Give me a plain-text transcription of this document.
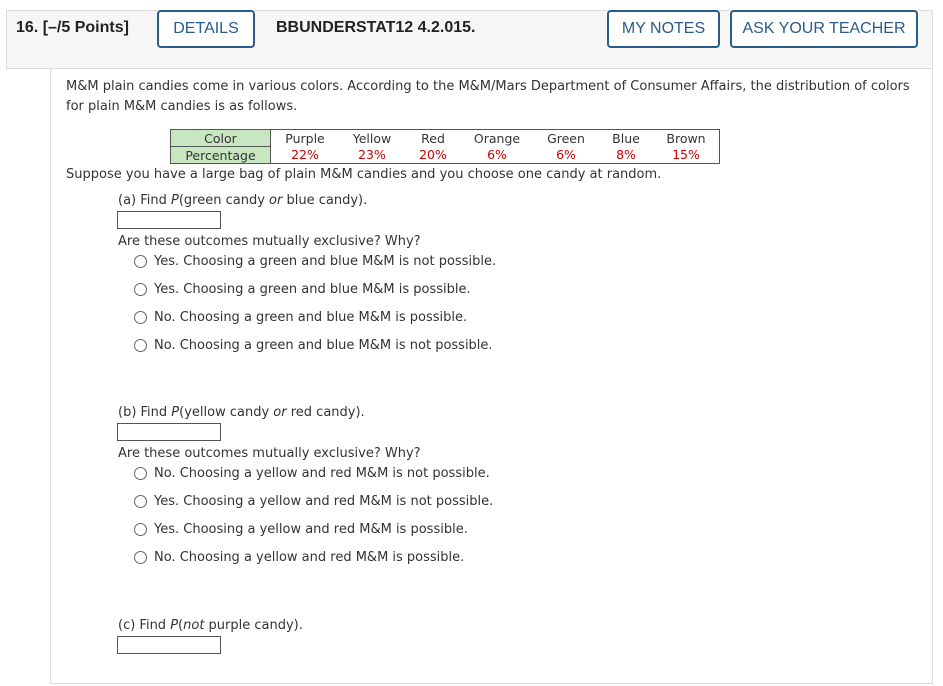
16. [–/5 Points]	DETAILS	BBUNDERSTAT12 4.2.015.	MY NOTES	ASK YOUR TEACHER
M&M plain candies come in various colors. According to the M&M/Mars Department of Consumer Affairs, the distribution of colors
for plain M&M candies is as follows.
Color	Purple	Yellow	Red	Orange	Green	Blue	Brown
Percentage	22%	23%	20%	6%	6%	8%	15%
Suppose you have a large bag of plain M&M candies and you choose one candy at random.
(a) Find P(green candy or blue candy).
Are these outcomes mutually exclusive? Why?
Yes. Choosing a green and blue M&M is not possible.
Yes. Choosing a green and blue M&M is possible.
No. Choosing a green and blue M&M is possible.
No. Choosing a green and blue M&M is not possible.
(b) Find P(yellow candy or red candy).
Are these outcomes mutually exclusive? Why?
No. Choosing a yellow and red M&M is not possible.
Yes. Choosing a yellow and red M&M is not possible.
Yes. Choosing a yellow and red M&M is possible.
No. Choosing a yellow and red M&M is possible.
(c) Find P(not purple candy).
